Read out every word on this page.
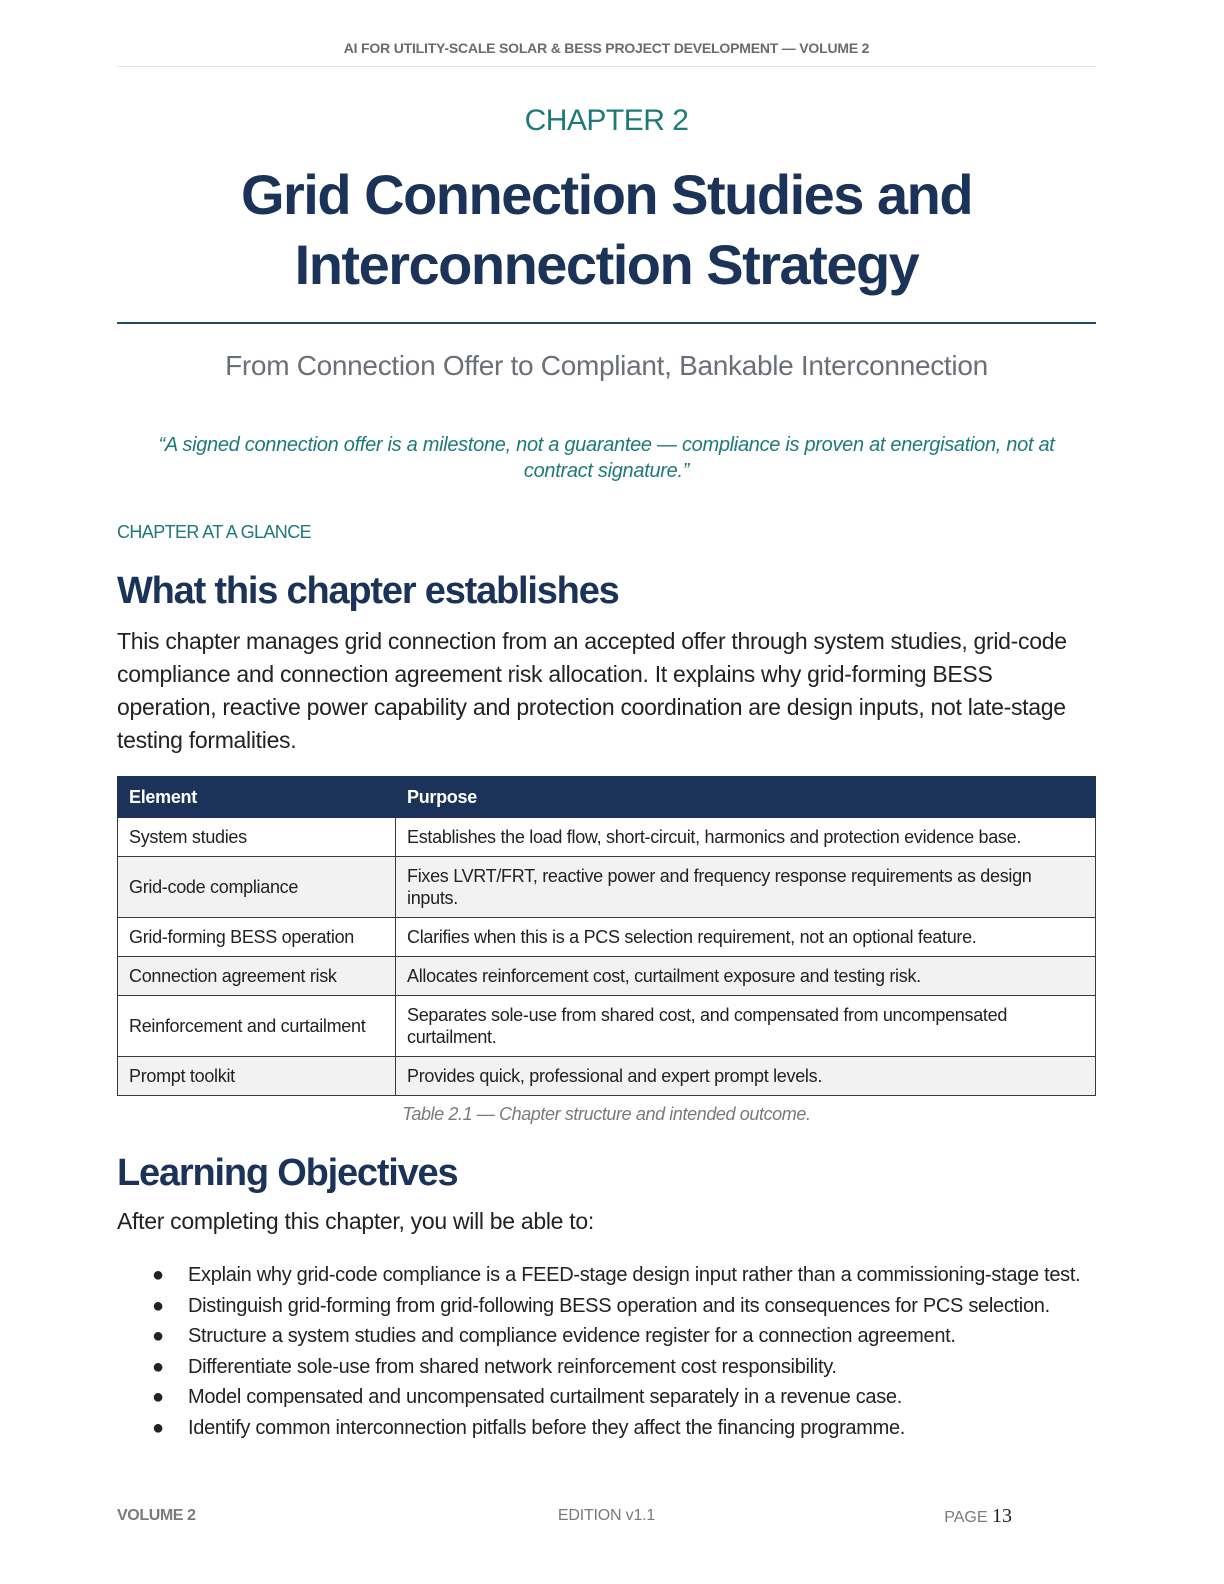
AI FOR UTILITY-SCALE SOLAR & BESS PROJECT DEVELOPMENT — VOLUME 2
CHAPTER 2
Grid Connection Studies and
Interconnection Strategy
From Connection Offer to Compliant, Bankable Interconnection
“A signed connection offer is a milestone, not a guarantee — compliance is proven at energisation, not at
contract signature.”
CHAPTER AT A GLANCE
What this chapter establishes

This chapter manages grid connection from an accepted offer through system studies, grid-code compliance and connection agreement risk allocation. It explains why grid-forming BESS operation, reactive power capability and protection coordination are design inputs, not late-stage testing formalities.

Element	Purpose
System studies	Establishes the load flow, short-circuit, harmonics and protection evidence base.
Grid-code compliance	Fixes LVRT/FRT, reactive power and frequency response requirements as design inputs.
Grid-forming BESS operation	Clarifies when this is a PCS selection requirement, not an optional feature.
Connection agreement risk	Allocates reinforcement cost, curtailment exposure and testing risk.
Reinforcement and curtailment	Separates sole-use from shared cost, and compensated from uncompensated curtailment.
Prompt toolkit	Provides quick, professional and expert prompt levels.
Table 2.1 — Chapter structure and intended outcome.
Learning Objectives

After completing this chapter, you will be able to:

● Explain why grid-code compliance is a FEED-stage design input rather than a commissioning-stage test.
● Distinguish grid-forming from grid-following BESS operation and its consequences for PCS selection.
● Structure a system studies and compliance evidence register for a connection agreement.
● Differentiate sole-use from shared network reinforcement cost responsibility.
● Model compensated and uncompensated curtailment separately in a revenue case.
● Identify common interconnection pitfalls before they affect the financing programme.
VOLUME 2	EDITION v1.1	PAGE 13
